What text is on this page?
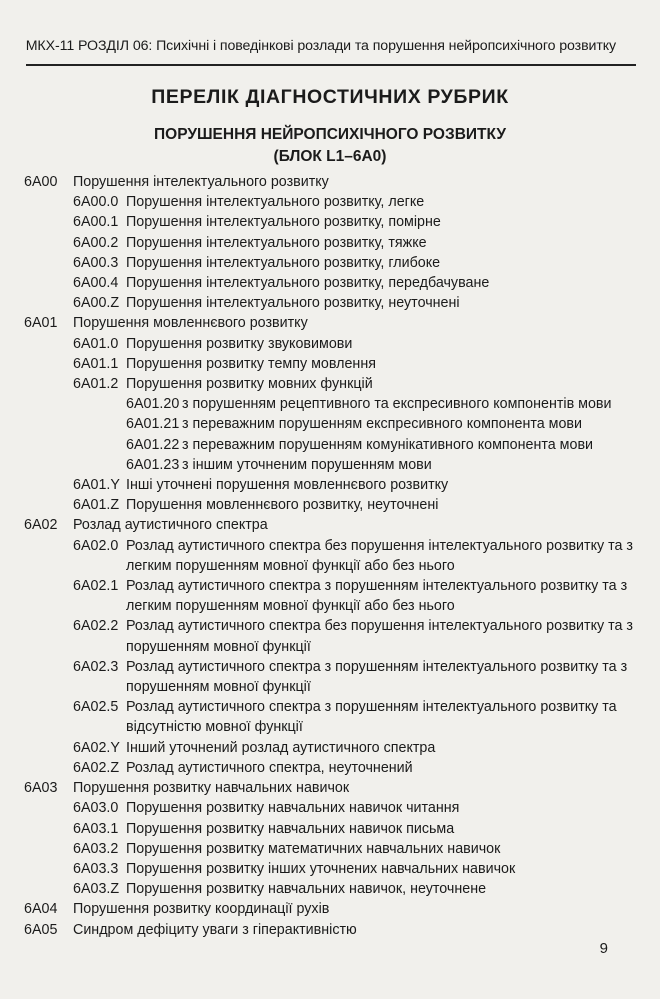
МКХ-11 РОЗДІЛ 06: Психічні і поведінкові розлади та порушення нейропсихічного розвитку
ПЕРЕЛІК ДІАГНОСТИЧНИХ РУБРИК
ПОРУШЕННЯ НЕЙРОПСИХІЧНОГО РОЗВИТКУ
(БЛОК L1–6A0)
6A00	Порушення інтелектуального розвитку
6A00.0 Порушення інтелектуального розвитку, легке
6A00.1 Порушення інтелектуального розвитку, помірне
6A00.2 Порушення інтелектуального розвитку, тяжке
6A00.3 Порушення інтелектуального розвитку, глибоке
6A00.4 Порушення інтелектуального розвитку, передбачуване
6A00.Z Порушення інтелектуального розвитку, неуточнені
6A01	Порушення мовленнєвого розвитку
6A01.0 Порушення розвитку звуковимови
6A01.1 Порушення розвитку темпу мовлення
6A01.2 Порушення розвитку мовних функцій
6A01.20 з порушенням рецептивного та експресивного компонентів мови
6A01.21 з переважним порушенням експресивного компонента мови
6A01.22 з переважним порушенням комунікативного компонента мови
6A01.23 з іншим уточненим порушенням мови
6A01.Y Інші уточнені порушення мовленнєвого розвитку
6A01.Z Порушення мовленнєвого розвитку, неуточнені
6A02	Розлад аутистичного спектра
6A02.0 Розлад аутистичного спектра без порушення інтелектуального розвитку та з легким порушенням мовної функції або без нього
6A02.1 Розлад аутистичного спектра з порушенням інтелектуального розвитку та з легким порушенням мовної функції або без нього
6A02.2 Розлад аутистичного спектра без порушення інтелектуального розвитку та з порушенням мовної функції
6A02.3 Розлад аутистичного спектра з порушенням інтелектуального розвитку та з порушенням мовної функції
6A02.5 Розлад аутистичного спектра з порушенням інтелектуального розвитку та відсутністю мовної функції
6A02.Y Інший уточнений розлад аутистичного спектра
6A02.Z Розлад аутистичного спектра, неуточнений
6A03	Порушення розвитку навчальних навичок
6A03.0 Порушення розвитку навчальних навичок читання
6A03.1 Порушення розвитку навчальних навичок письма
6A03.2 Порушення розвитку математичних навчальних навичок
6A03.3 Порушення розвитку інших уточнених навчальних навичок
6A03.Z Порушення розвитку навчальних навичок, неуточнене
6A04	Порушення розвитку координації рухів
6A05	Синдром дефіциту уваги з гіперактивністю
9
